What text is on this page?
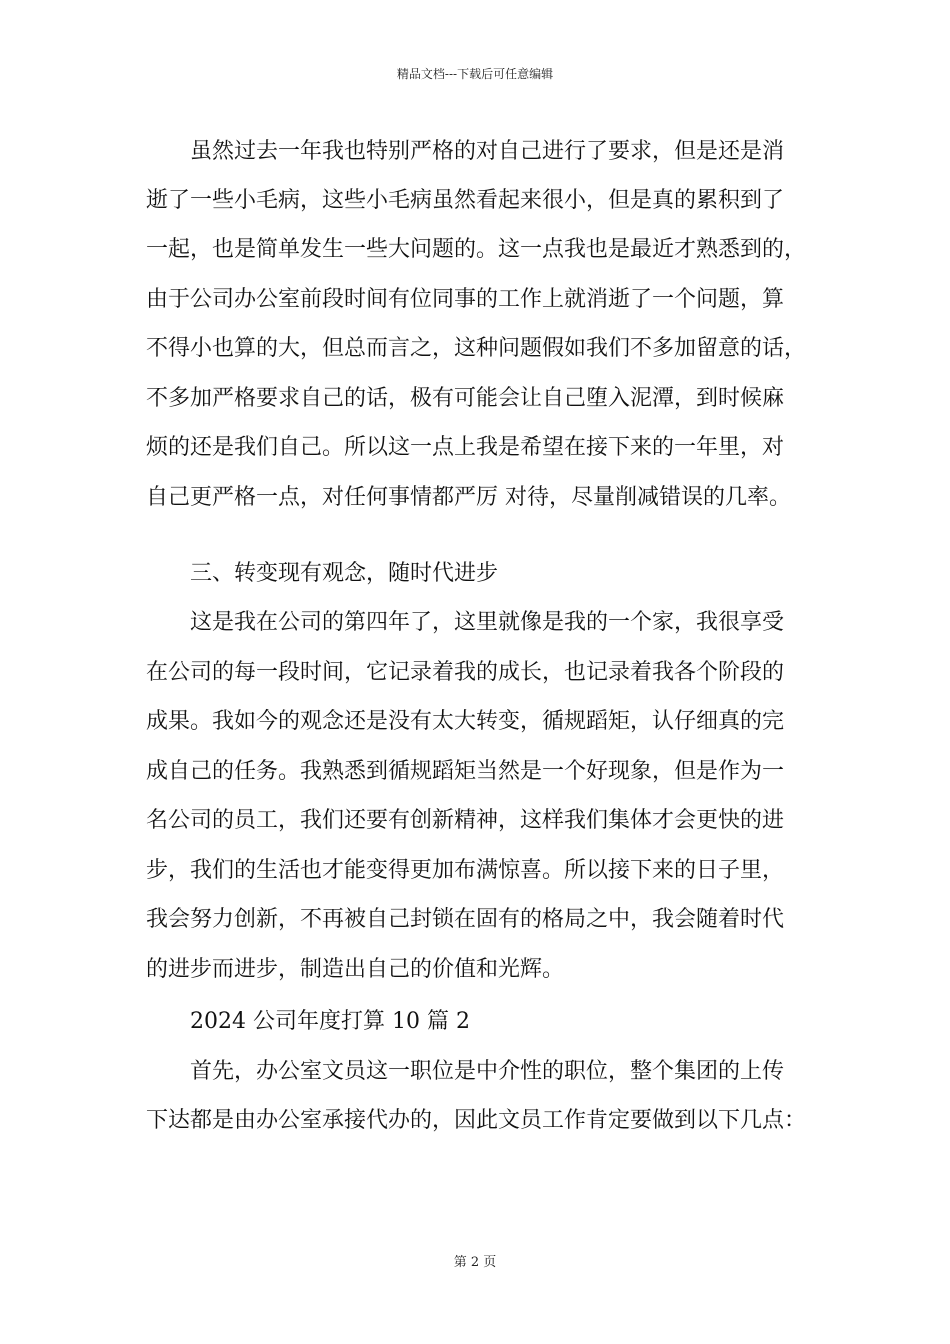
精品文档---下载后可任意编辑
　　虽然过去一年我也特别严格的对自己进行了要求，但是还是消
逝了一些小毛病，这些小毛病虽然看起来很小，但是真的累积到了
一起，也是简单发生一些大问题的。这一点我也是最近才熟悉到的，
由于公司办公室前段时间有位同事的工作上就消逝了一个问题，算
不得小也算的大，但总而言之，这种问题假如我们不多加留意的话，
不多加严格要求自己的话，极有可能会让自己堕入泥潭，到时候麻
烦的还是我们自己。所以这一点上我是希望在接下来的一年里，对
自己更严格一点，对任何事情都严厉 对待，尽量削减错误的几率。
　　三、转变现有观念，随时代进步
　　这是我在公司的第四年了，这里就像是我的一个家，我很享受
在公司的每一段时间，它记录着我的成长，也记录着我各个阶段的
成果。我如今的观念还是没有太大转变，循规蹈矩，认仔细真的完
成自己的任务。我熟悉到循规蹈矩当然是一个好现象，但是作为一
名公司的员工，我们还要有创新精神，这样我们集体才会更快的进
步，我们的生活也才能变得更加布满惊喜。所以接下来的日子里，
我会努力创新，不再被自己封锁在固有的格局之中，我会随着时代
的进步而进步，制造出自己的价值和光辉。
　　2024 公司年度打算 10 篇 2
　　首先，办公室文员这一职位是中介性的职位，整个集团的上传
下达都是由办公室承接代办的，因此文员工作肯定要做到以下几点：
第 2 页
